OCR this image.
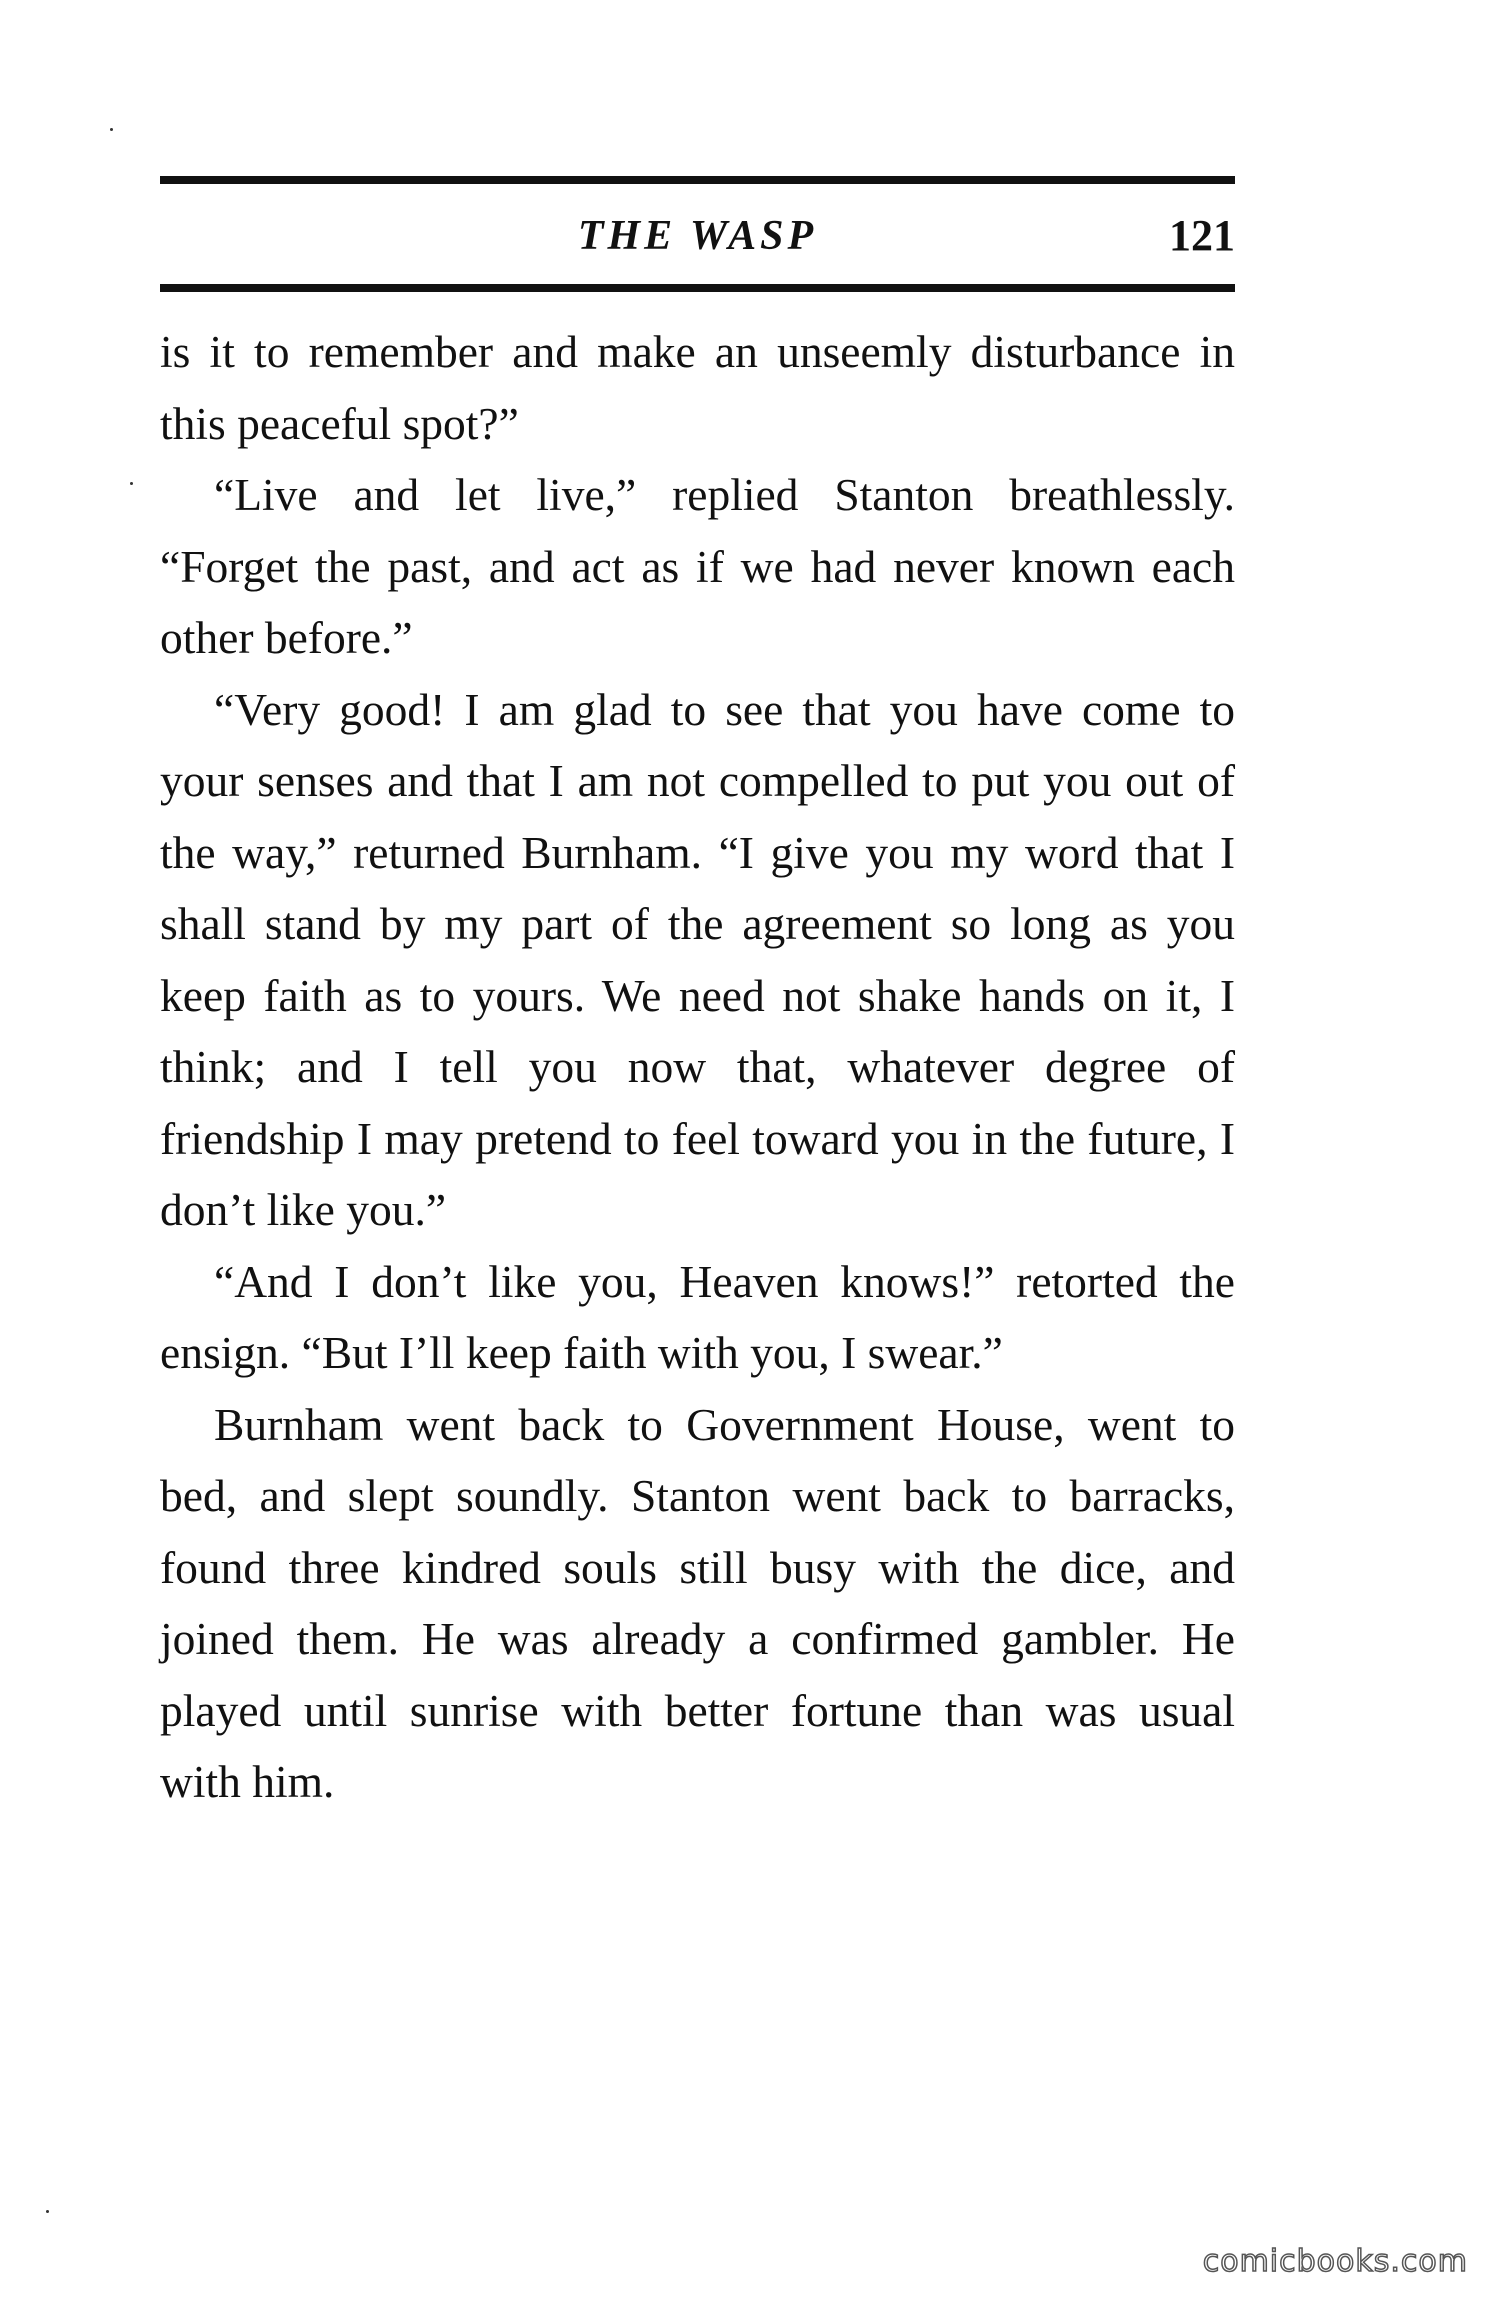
THE WASP	121

is it to remember and make an unseemly disturbance in this peaceful spot?”

“Live and let live,” replied Stanton breathlessly. “Forget the past, and act as if we had never known each other before.”

“Very good! I am glad to see that you have come to your senses and that I am not compelled to put you out of the way,” returned Burnham. “I give you my word that I shall stand by my part of the agreement so long as you keep faith as to yours. We need not shake hands on it, I think; and I tell you now that, whatever degree of friendship I may pretend to feel toward you in the future, I don’t like you.”

“And I don’t like you, Heaven knows!” retorted the ensign. “But I’ll keep faith with you, I swear.”

Burnham went back to Government House, went to bed, and slept soundly. Stanton went back to barracks, found three kindred souls still busy with the dice, and joined them. He was already a confirmed gambler. He played until sunrise with better fortune than was usual with him.

comicbooks.com
